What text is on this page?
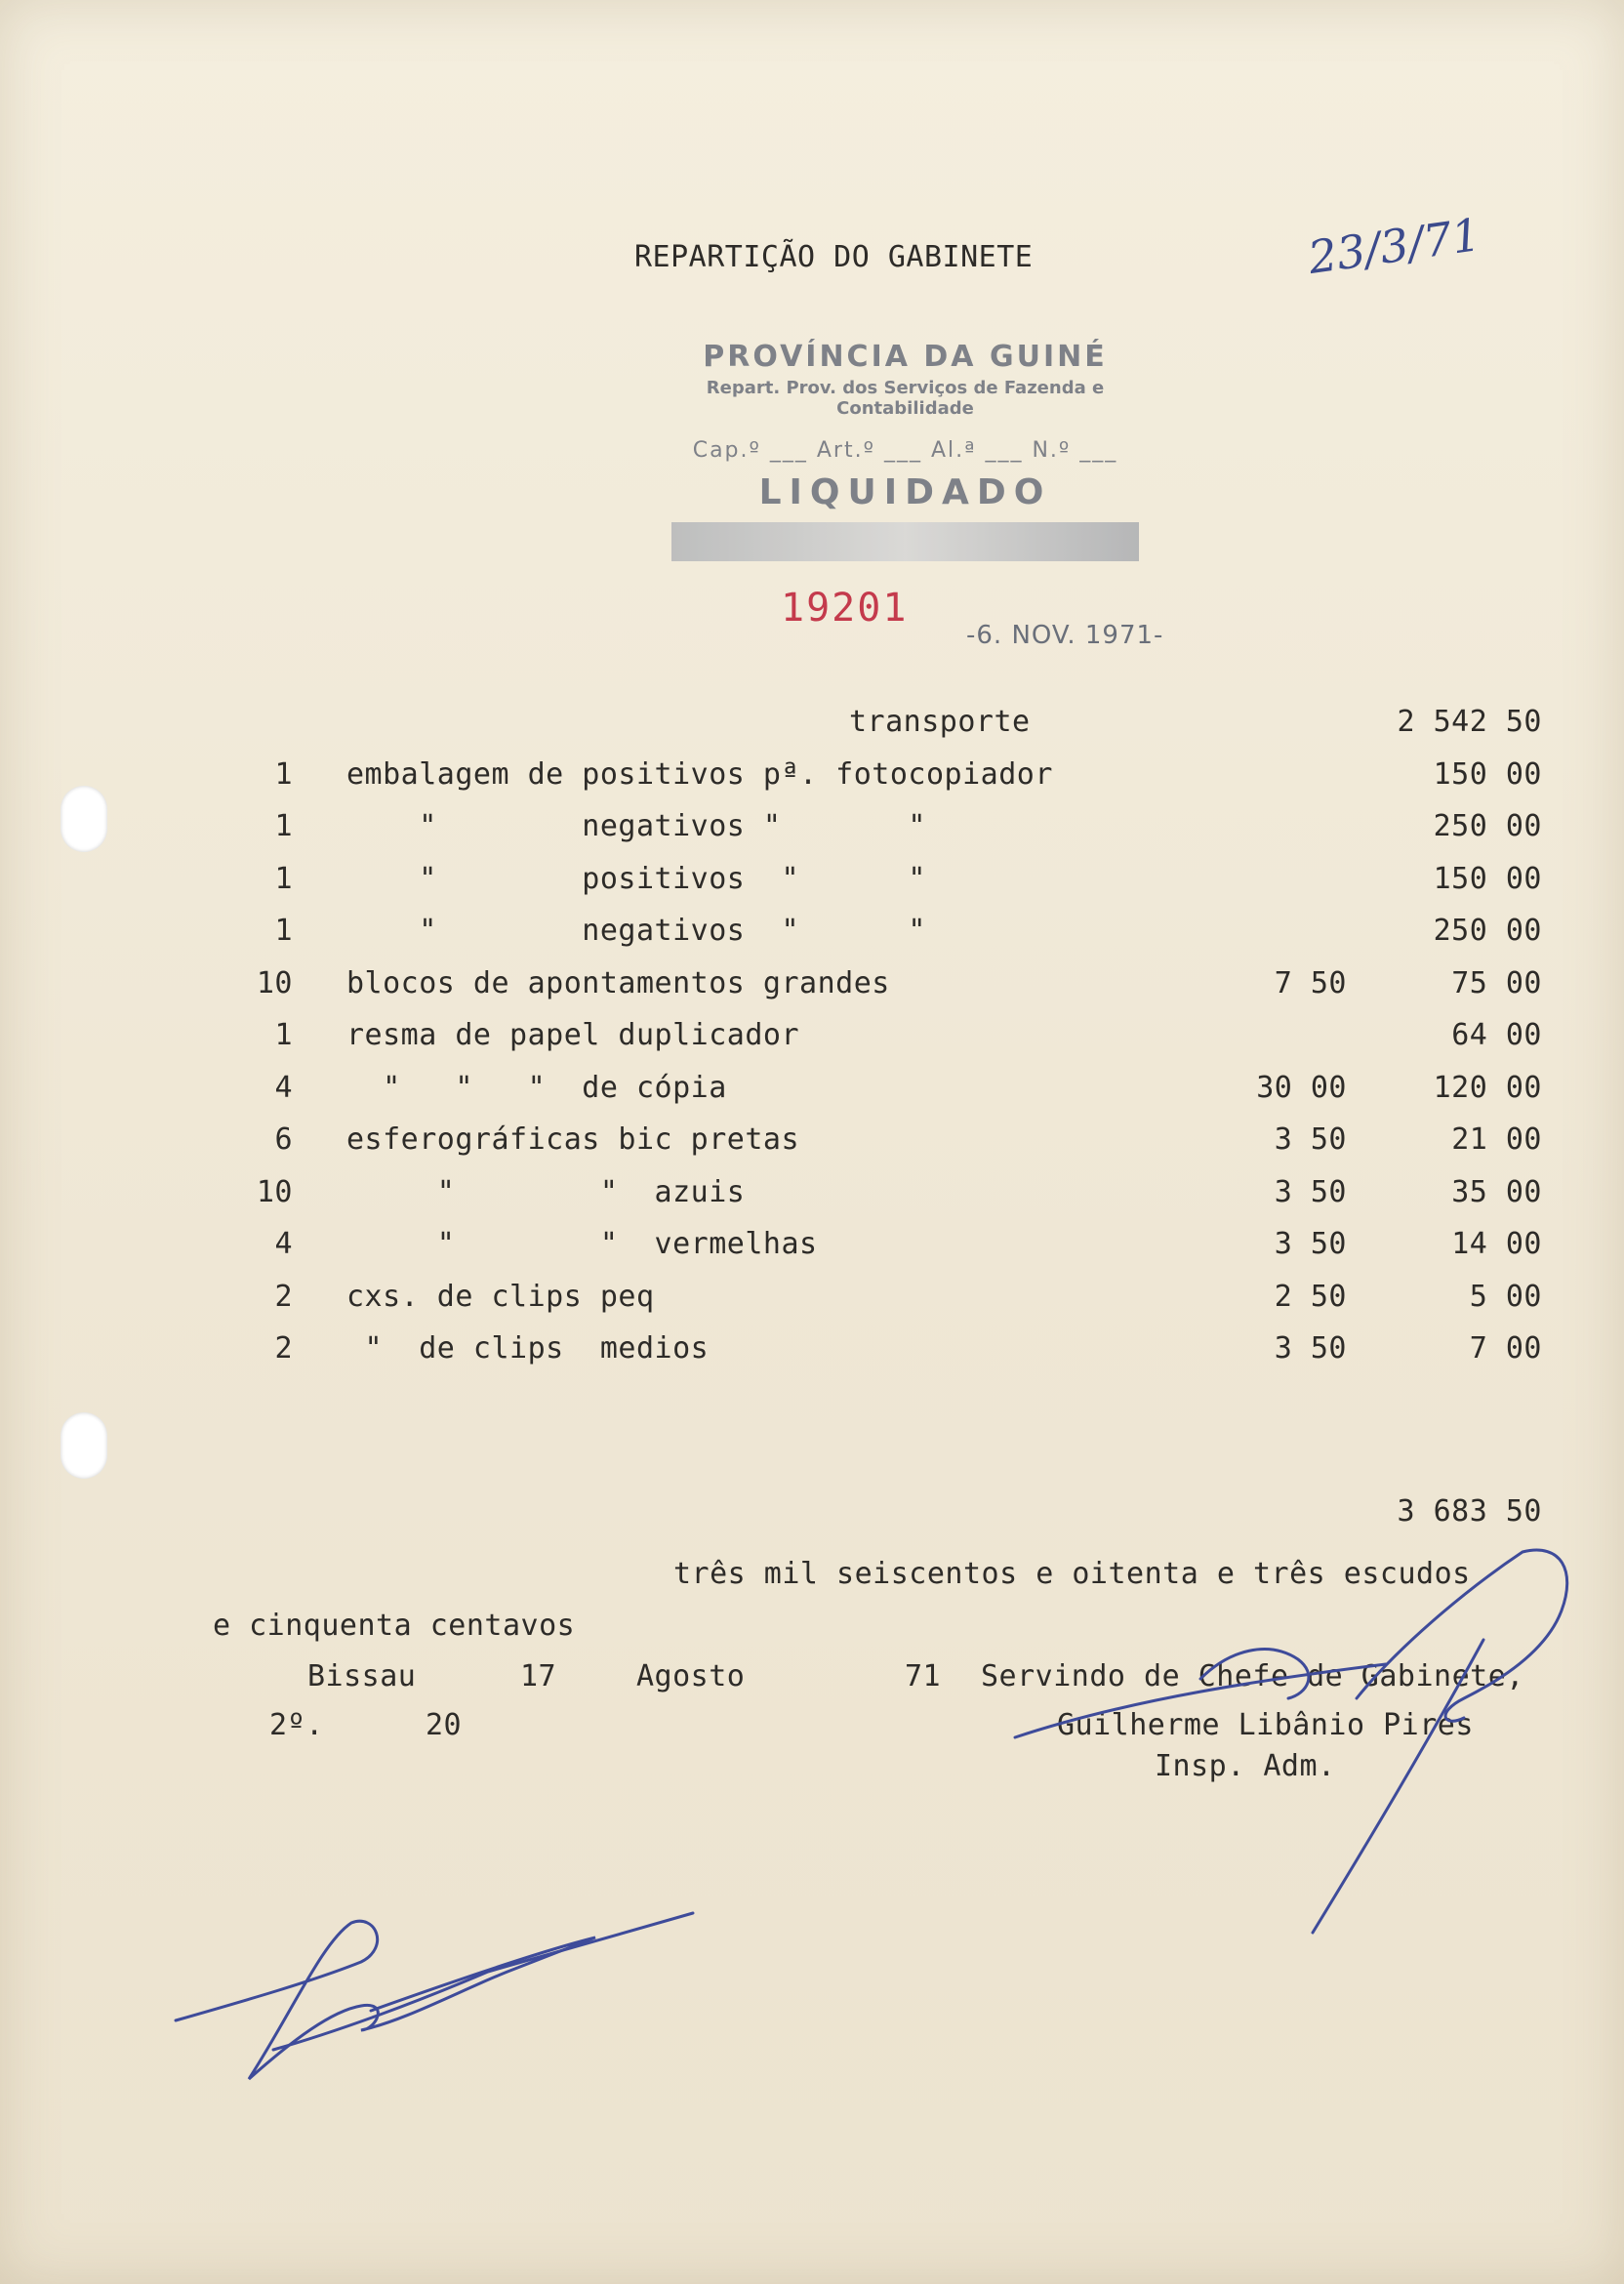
REPARTIÇÃO DO GABINETE	23/3/71
PROVÍNCIA DA GUINÉ
Repart. Prov. dos Serviços de Fazenda e Contabilidade
Cap.º ___ Art.º ___ Al.ª ___ N.º ___
LIQUIDADO
19201
-6. NOV. 1971-
transporte	2 542 50
1 embalagem de positivos pª. fotocopiador	150 00
1 "        negativos "       "	250 00
1 "        positivos  "      "	150 00
1 "        negativos  "      "	250 00
10 blocos de apontamentos grandes	7 50	75 00
1 resma de papel duplicador	64 00
4 "   "   "  de cópia	30 00	120 00
6 esferográficas bic pretas	3 50	21 00
10 "        "  azuis	3 50	35 00
4 "        "  vermelhas	3 50	14 00
2 cxs. de clips peq	2 50	5 00
2 "  de clips  medios	3 50	7 00
3 683 50
três mil seiscentos e oitenta e três escudos
e cinquenta centavos
Bissau	17	Agosto	71 Servindo de Chefe de Gabinete,
2º.	20	Guilherme Libânio Pires
Insp. Adm.
